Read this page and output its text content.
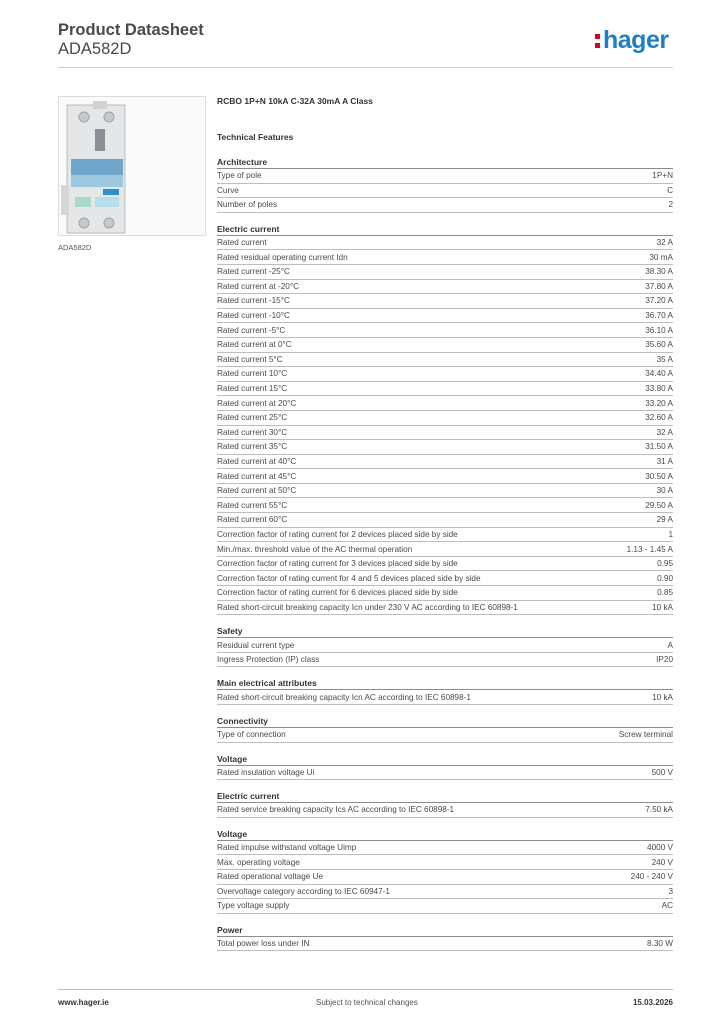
Product Datasheet
ADA582D	hager
ADA582D
RCBO 1P+N 10kA C-32A 30mA A Class
Technical Features
Architecture
Type of pole	1P+N
Curve	C
Number of poles	2
Electric current
Rated current	32 A
Rated residual operating current Idn	30 mA
Rated current -25°C	38.30 A
Rated current at -20°C	37.80 A
Rated current -15°C	37.20 A
Rated current -10°C	36.70 A
Rated current -5°C	36.10 A
Rated current at 0°C	35.60 A
Rated current 5°C	35 A
Rated current 10°C	34.40 A
Rated current 15°C	33.80 A
Rated current at 20°C	33.20 A
Rated current 25°C	32.60 A
Rated current 30°C	32 A
Rated current 35°C	31.50 A
Rated current at 40°C	31 A
Rated current at 45°C	30.50 A
Rated current at 50°C	30 A
Rated current 55°C	29.50 A
Rated current 60°C	29 A
Correction factor of rating current for 2 devices placed side by side	1
Min./max. threshold value of the AC thermal operation	1.13 - 1.45 A
Correction factor of rating current for 3 devices placed side by side	0.95
Correction factor of rating current for 4 and 5 devices placed side by side	0.90
Correction factor of rating current for 6 devices placed side by side	0.85
Rated short-circuit breaking capacity Icn under 230 V AC according to IEC 60898-1	10 kA
Safety
Residual current type	A
Ingress Protection (IP) class	IP20
Main electrical attributes
Rated short-circuit breaking capacity Icn AC according to IEC 60898-1	10 kA
Connectivity
Type of connection	Screw terminal
Voltage
Rated insulation voltage Ui	500 V
Electric current
Rated service breaking capacity Ics AC according to IEC 60898-1	7.50 kA
Voltage
Rated impulse withstand voltage Uimp	4000 V
Max. operating voltage	240 V
Rated operational voltage Ue	240 - 240 V
Overvoltage category according to IEC 60947-1	3
Type voltage supply	AC
Power
Total power loss under IN	8.30 W
www.hager.ie	Subject to technical changes	15.03.2026
